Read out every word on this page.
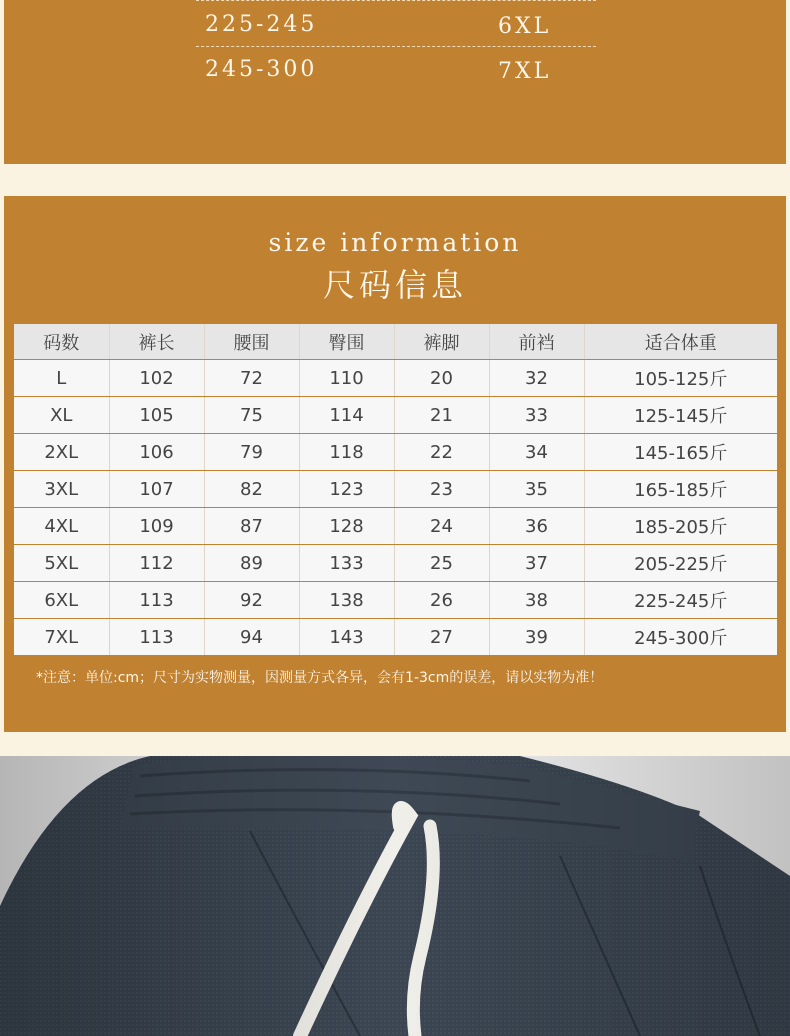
225-245	6XL
245-300	7XL
size information
尺码信息
码数	裤长	腰围	臀围	裤脚	前裆	适合体重
L	102	72	110	20	32	105-125斤
XL	105	75	114	21	33	125-145斤
2XL	106	79	118	22	34	145-165斤
3XL	107	82	123	23	35	165-185斤
4XL	109	87	128	24	36	185-205斤
5XL	112	89	133	25	37	205-225斤
6XL	113	92	138	26	38	225-245斤
7XL	113	94	143	27	39	245-300斤
*注意：单位:cm；尺寸为实物测量，因测量方式各异，会有1-3cm的误差，请以实物为准！
